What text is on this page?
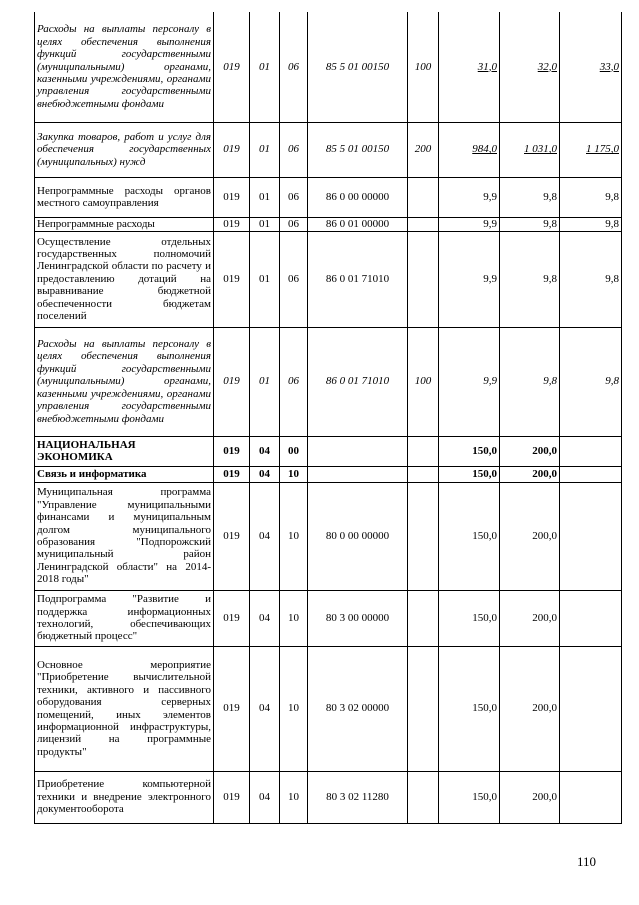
Расходы на выплаты персоналу в целях обеспечения выполнения функций государственными (муниципальными) органами, казенными учреждениями, органами управления государственными внебюджетными фондами	019	01	06	85 5 01 00150	100	31,0	32,0	33,0
Закупка товаров, работ и услуг для обеспечения государственных (муниципальных) нужд	019	01	06	85 5 01 00150	200	984,0	1 031,0	1 175,0
Непрограммные расходы органов местного самоуправления	019	01	06	86 0 00 00000		9,9	9,8	9,8
Непрограммные расходы	019	01	06	86 0 01 00000		9,9	9,8	9,8
Осуществление отдельных государственных полномочий Ленинградской области по расчету и предоставлению дотаций на выравнивание бюджетной обеспеченности бюджетам поселений	019	01	06	86 0 01 71010		9,9	9,8	9,8
Расходы на выплаты персоналу в целях обеспечения выполнения функций государственными (муниципальными) органами, казенными учреждениями, органами управления государственными внебюджетными фондами	019	01	06	86 0 01 71010	100	9,9	9,8	9,8
НАЦИОНАЛЬНАЯ ЭКОНОМИКА	019	04	00			150,0	200,0	
Связь и информатика	019	04	10			150,0	200,0	
Муниципальная программа "Управление муниципальными финансами и муниципальным долгом муниципального образования "Подпорожский муниципальный район Ленинградской области" на 2014-2018 годы"	019	04	10	80 0 00 00000		150,0	200,0	
Подпрограмма "Развитие и поддержка информационных технологий, обеспечивающих бюджетный процесс"	019	04	10	80 3 00 00000		150,0	200,0	
Основное мероприятие "Приобретение вычислительной техники, активного и пассивного оборудования серверных помещений, иных элементов информационной инфраструктуры, лицензий на программные продукты"	019	04	10	80 3 02 00000		150,0	200,0	
Приобретение компьютерной техники и внедрение электронного документооборота	019	04	10	80 3 02 11280		150,0	200,0	
110
